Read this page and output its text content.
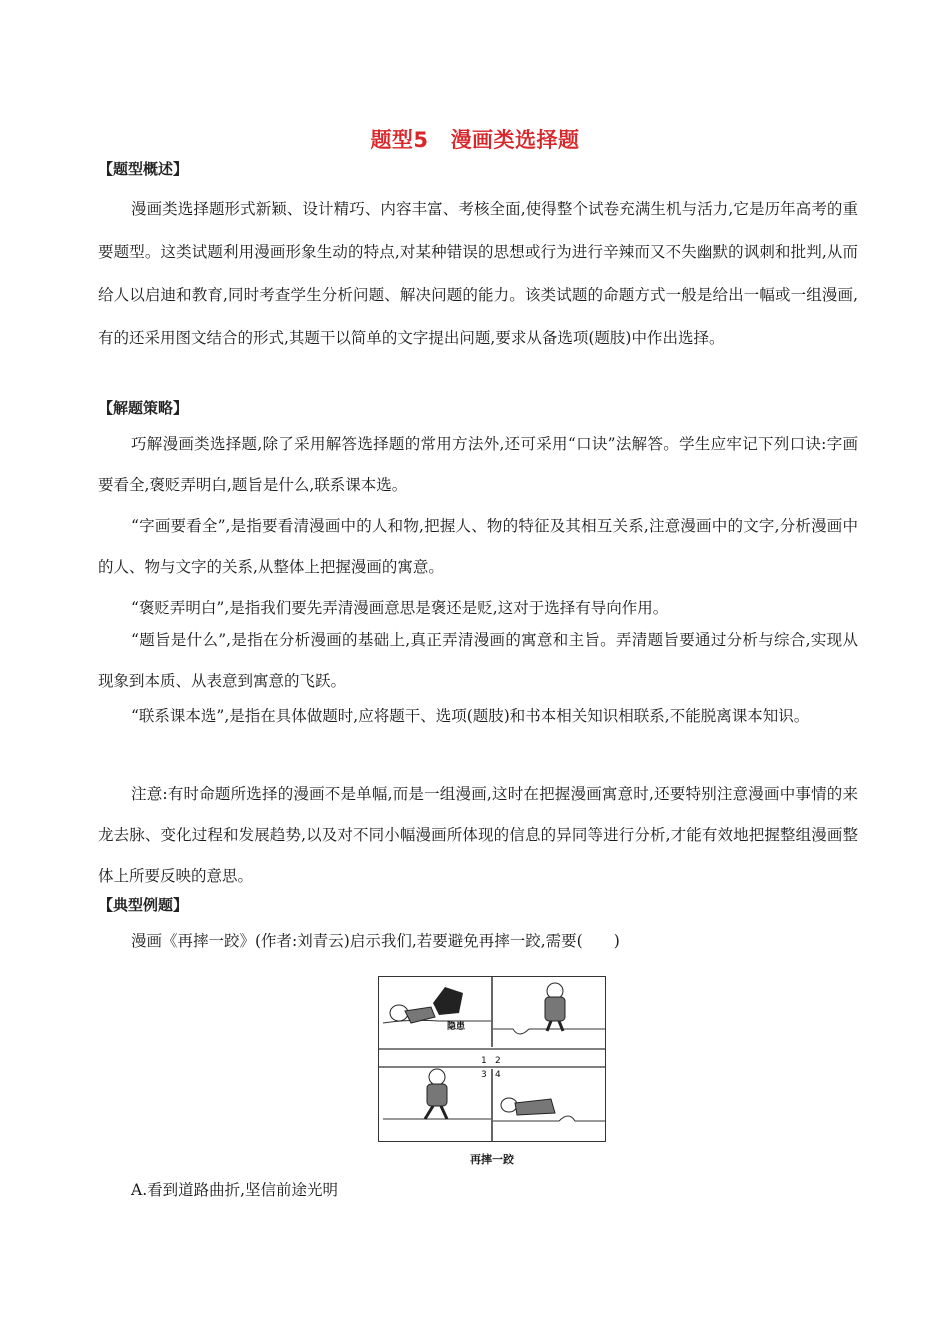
题型5 漫画类选择题
【题型概述】

漫画类选择题形式新颖、设计精巧、内容丰富、考核全面,使得整个试卷充满生机与活力,它是历年高考的重要题型。这类试题利用漫画形象生动的特点,对某种错误的思想或行为进行辛辣而又不失幽默的讽刺和批判,从而给人以启迪和教育,同时考查学生分析问题、解决问题的能力。该类试题的命题方式一般是给出一幅或一组漫画,有的还采用图文结合的形式,其题干以简单的文字提出问题,要求从备选项(题肢)中作出选择。

【解题策略】

巧解漫画类选择题,除了采用解答选择题的常用方法外,还可采用“口诀”法解答。学生应牢记下列口诀:字画要看全,褒贬弄明白,题旨是什么,联系课本选。

“字画要看全”,是指要看清漫画中的人和物,把握人、物的特征及其相互关系,注意漫画中的文字,分析漫画中的人、物与文字的关系,从整体上把握漫画的寓意。

“褒贬弄明白”,是指我们要先弄清漫画意思是褒还是贬,这对于选择有导向作用。

“题旨是什么”,是指在分析漫画的基础上,真正弄清漫画的寓意和主旨。弄清题旨要通过分析与综合,实现从现象到本质、从表意到寓意的飞跃。

“联系课本选”,是指在具体做题时,应将题干、选项(题肢)和书本相关知识相联系,不能脱离课本知识。

注意:有时命题所选择的漫画不是单幅,而是一组漫画,这时在把握漫画寓意时,还要特别注意漫画中事情的来龙去脉、变化过程和发展趋势,以及对不同小幅漫画所体现的信息的异同等进行分析,才能有效地把握整组漫画整体上所要反映的意思。

【典型例题】

漫画《再摔一跤》(作者:刘青云)启示我们,若要避免再摔一跤,需要(　　)

隐患
1 2
3 4
再摔一跤
A.看到道路曲折,坚信前途光明
